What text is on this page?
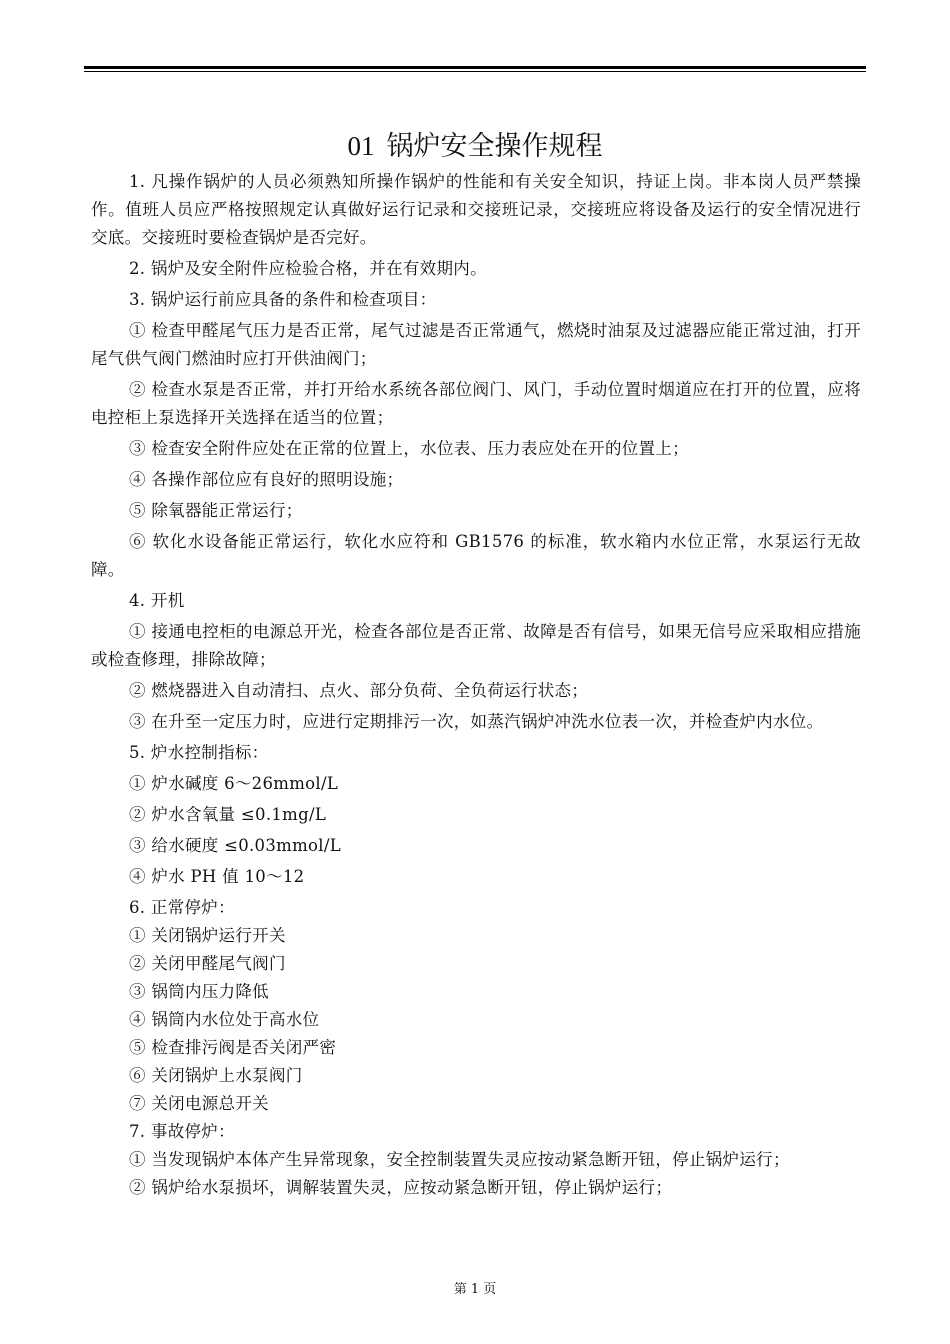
01 锅炉安全操作规程

1. 凡操作锅炉的人员必须熟知所操作锅炉的性能和有关安全知识，持证上岗。非本岗人员严禁操作。值班人员应严格按照规定认真做好运行记录和交接班记录，交接班应将设备及运行的安全情况进行交底。交接班时要检查锅炉是否完好。

2. 锅炉及安全附件应检验合格，并在有效期内。

3. 锅炉运行前应具备的条件和检查项目：

① 检查甲醛尾气压力是否正常，尾气过滤是否正常通气，燃烧时油泵及过滤器应能正常过油，打开尾气供气阀门燃油时应打开供油阀门；

② 检查水泵是否正常，并打开给水系统各部位阀门、风门，手动位置时烟道应在打开的位置，应将电控柜上泵选择开关选择在适当的位置；

③ 检查安全附件应处在正常的位置上，水位表、压力表应处在开的位置上；

④ 各操作部位应有良好的照明设施；

⑤ 除氧器能正常运行；

⑥ 软化水设备能正常运行，软化水应符和 GB1576 的标准，软水箱内水位正常，水泵运行无故障。

4. 开机

① 接通电控柜的电源总开光，检查各部位是否正常、故障是否有信号，如果无信号应采取相应措施或检查修理，排除故障；

② 燃烧器进入自动清扫、点火、部分负荷、全负荷运行状态；

③ 在升至一定压力时，应进行定期排污一次，如蒸汽锅炉冲洗水位表一次，并检查炉内水位。

5. 炉水控制指标：

① 炉水碱度 6～26mmol/L

② 炉水含氧量 ≤0.1mg/L

③ 给水硬度 ≤0.03mmol/L

④ 炉水 PH 值 10～12

6. 正常停炉：

① 关闭锅炉运行开关

② 关闭甲醛尾气阀门

③ 锅筒内压力降低

④ 锅筒内水位处于高水位

⑤ 检查排污阀是否关闭严密

⑥ 关闭锅炉上水泵阀门

⑦ 关闭电源总开关

7. 事故停炉：

① 当发现锅炉本体产生异常现象，安全控制装置失灵应按动紧急断开钮，停止锅炉运行；

② 锅炉给水泵损坏，调解装置失灵，应按动紧急断开钮，停止锅炉运行；

第 1 页
